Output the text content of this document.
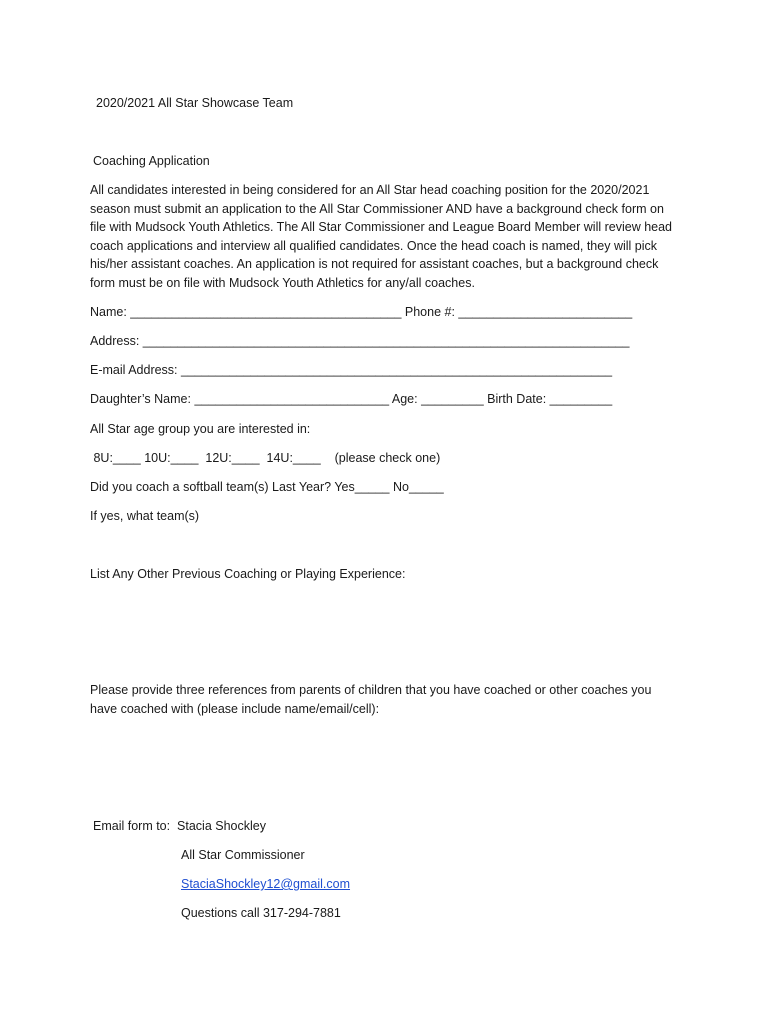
2020/2021 All Star Showcase Team
Coaching Application
All candidates interested in being considered for an All Star head coaching position for the 2020/2021 season must submit an application to the All Star Commissioner AND have a background check form on file with Mudsock Youth Athletics. The All Star Commissioner and League Board Member will review head coach applications and interview all qualified candidates. Once the head coach is named, they will pick his/her assistant coaches. An application is not required for assistant coaches, but a background check form must be on file with Mudsock Youth Athletics for any/all coaches.
Name: _______________________________________ Phone #: _________________________
Address: ______________________________________________________________________
E-mail Address: ______________________________________________________________
Daughter’s Name: ____________________________ Age: _________ Birth Date: _________
All Star age group you are interested in:
8U:____ 10U:____  12U:____  14U:____    (please check one)
Did you coach a softball team(s) Last Year? Yes_____ No_____
If yes, what team(s)
List Any Other Previous Coaching or Playing Experience:
Please provide three references from parents of children that you have coached or other coaches you have coached with (please include name/email/cell):
Email form to:  Stacia Shockley
All Star Commissioner
StaciaShockley12@gmail.com
Questions call 317-294-7881
